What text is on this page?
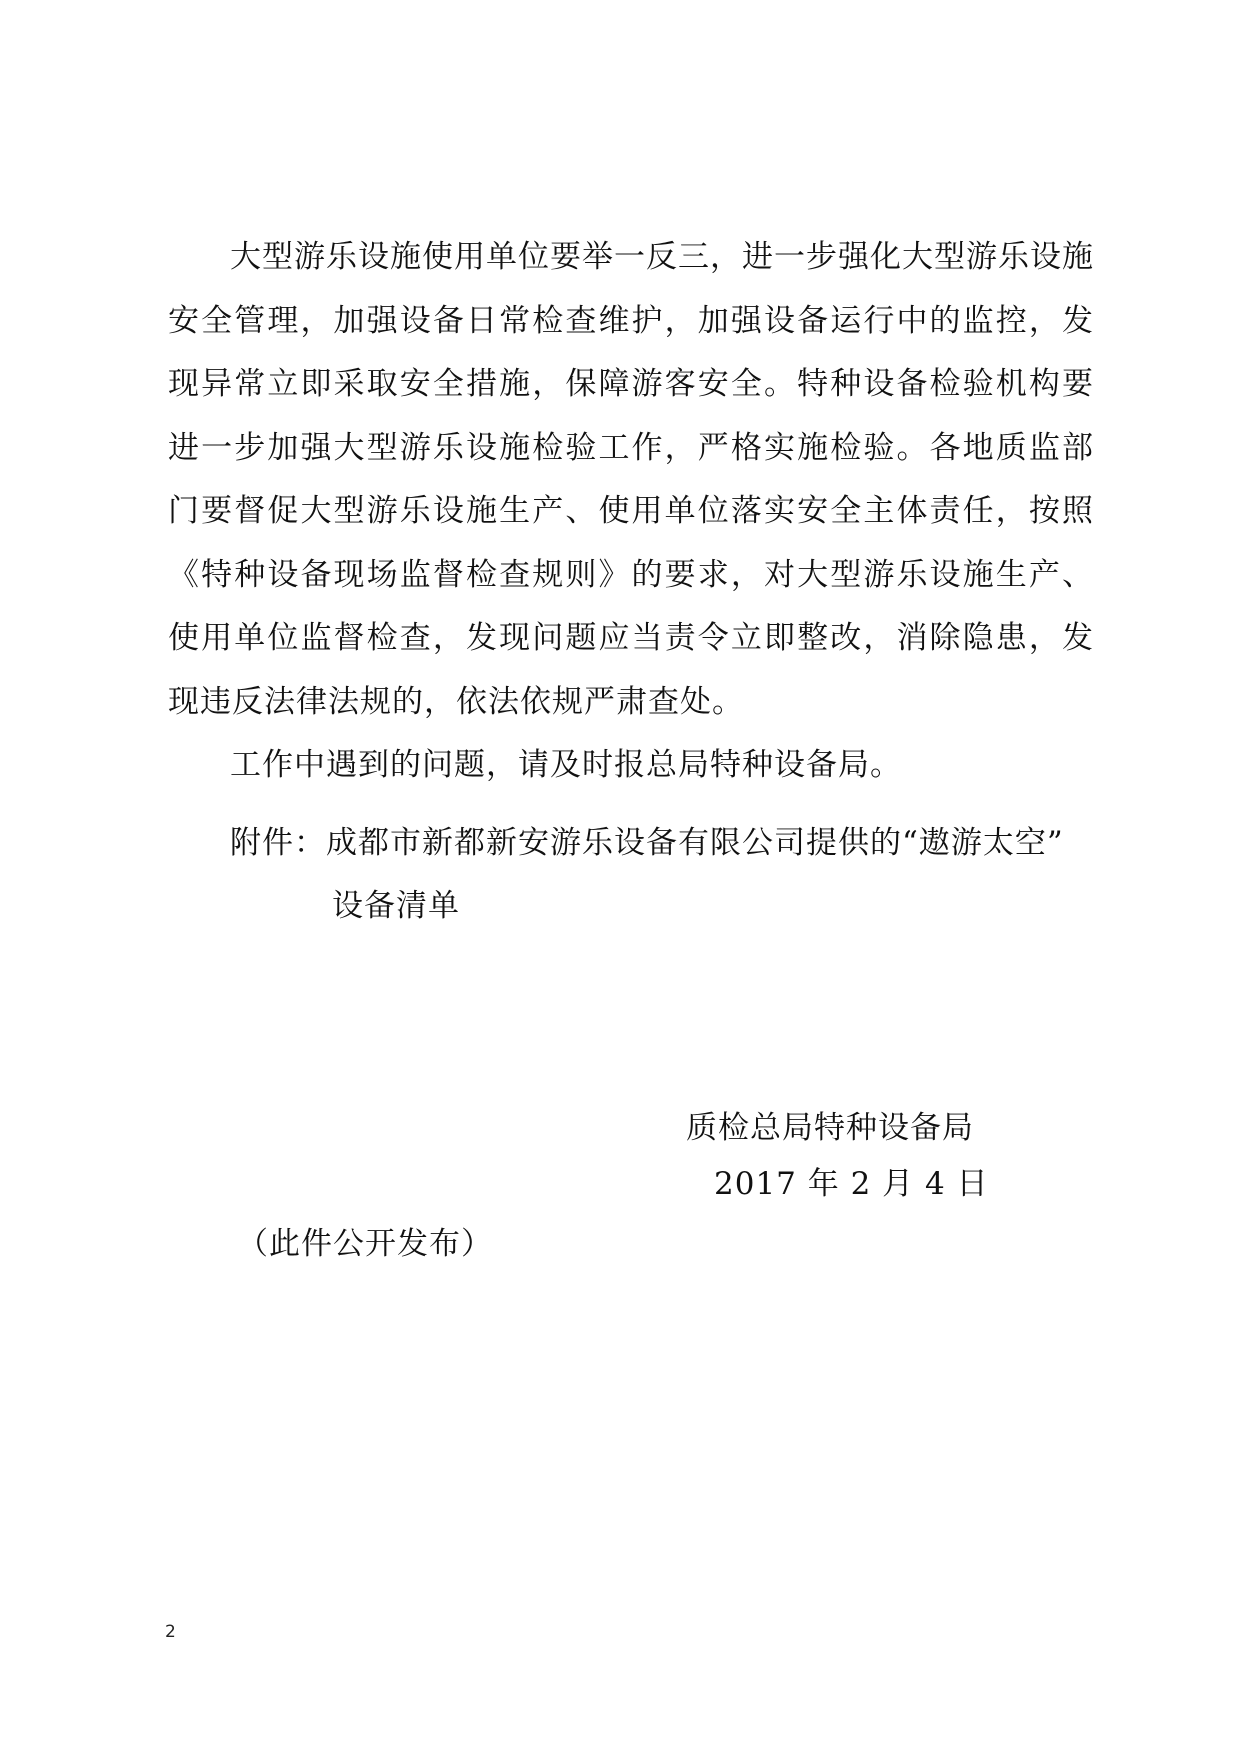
大型游乐设施使用单位要举一反三，进一步强化大型游乐设施安全管理，加强设备日常检查维护，加强设备运行中的监控，发现异常立即采取安全措施，保障游客安全。特种设备检验机构要进一步加强大型游乐设施检验工作，严格实施检验。各地质监部门要督促大型游乐设施生产、使用单位落实安全主体责任，按照《特种设备现场监督检查规则》的要求，对大型游乐设施生产、使用单位监督检查，发现问题应当责令立即整改，消除隐患，发现违反法律法规的，依法依规严肃查处。

工作中遇到的问题，请及时报总局特种设备局。

附件：成都市新都新安游乐设备有限公司提供的“遨游太空”
设备清单
质检总局特种设备局
2017 年 2 月 4 日
（此件公开发布）
2
